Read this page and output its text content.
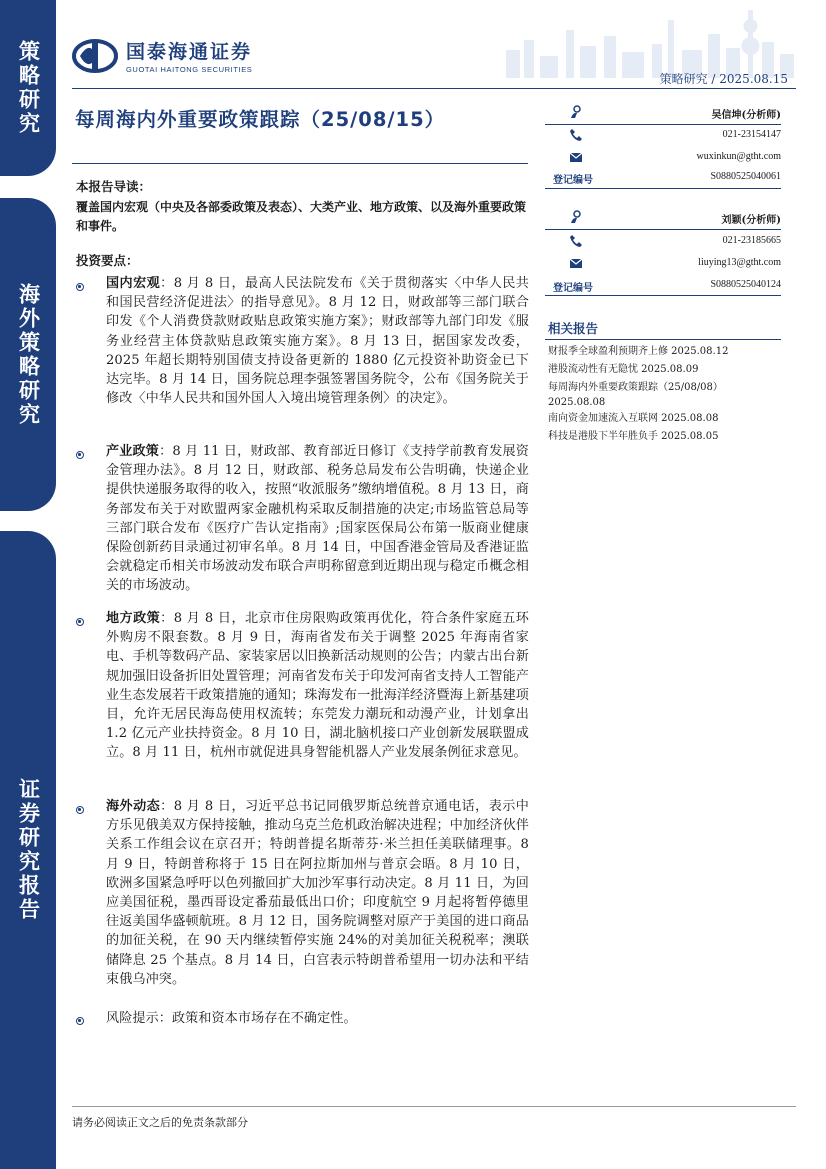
策略研究
海外策略研究
证券研究报告
国泰海通证券
GUOTAI HAITONG SECURITIES
策略研究 / 2025.08.15
每周海内外重要政策跟踪（25/08/15）
本报告导读：
覆盖国内宏观（中央及各部委政策及表态）、大类产业、地方政策、以及海外重要政策和事件。
投资要点：
国内宏观：8 月 8 日，最高人民法院发布《关于贯彻落实〈中华人民共和国民营经济促进法〉的指导意见》。8 月 12 日，财政部等三部门联合印发《个人消费贷款财政贴息政策实施方案》；财政部等九部门印发《服务业经营主体贷款贴息政策实施方案》。8 月 13 日，据国家发改委，2025 年超长期特别国债支持设备更新的 1880 亿元投资补助资金已下达完毕。8 月 14 日，国务院总理李强签署国务院令，公布《国务院关于修改〈中华人民共和国外国人入境出境管理条例〉的决定》。
产业政策：8 月 11 日，财政部、教育部近日修订《支持学前教育发展资金管理办法》。8 月 12 日，财政部、税务总局发布公告明确，快递企业提供快递服务取得的收入，按照“收派服务”缴纳增值税。8 月 13 日，商务部发布关于对欧盟两家金融机构采取反制措施的决定;市场监管总局等三部门联合发布《医疗广告认定指南》;国家医保局公布第一版商业健康保险创新药目录通过初审名单。8 月 14 日，中国香港金管局及香港证监会就稳定币相关市场波动发布联合声明称留意到近期出现与稳定币概念相关的市场波动。
地方政策：8 月 8 日，北京市住房限购政策再优化，符合条件家庭五环外购房不限套数。8 月 9 日，海南省发布关于调整 2025 年海南省家电、手机等数码产品、家装家居以旧换新活动规则的公告；内蒙古出台新规加强旧设备折旧处置管理；河南省发布关于印发河南省支持人工智能产业生态发展若干政策措施的通知；珠海发布一批海洋经济暨海上新基建项目，允许无居民海岛使用权流转；东莞发力潮玩和动漫产业，计划拿出 1.2 亿元产业扶持资金。8 月 10 日，湖北脑机接口产业创新发展联盟成立。8 月 11 日，杭州市就促进具身智能机器人产业发展条例征求意见。
海外动态：8 月 8 日，习近平总书记同俄罗斯总统普京通电话，表示中方乐见俄美双方保持接触，推动乌克兰危机政治解决进程；中加经济伙伴关系工作组会议在京召开；特朗普提名斯蒂芬·米兰担任美联储理事。8 月 9 日，特朗普称将于 15 日在阿拉斯加州与普京会晤。8 月 10 日，欧洲多国紧急呼吁以色列撤回扩大加沙军事行动决定。8 月 11 日，为回应美国征税，墨西哥设定番茄最低出口价；印度航空 9 月起将暂停德里往返美国华盛顿航班。8 月 12 日，国务院调整对原产于美国的进口商品的加征关税，在 90 天内继续暂停实施 24%的对美加征关税税率；澳联储降息 25 个基点。8 月 14 日，白宫表示特朗普希望用一切办法和平结束俄乌冲突。
风险提示：政策和资本市场存在不确定性。
吴信坤(分析师)
021-23154147
wuxinkun@gtht.com
登记编号	S0880525040061
刘颖(分析师)
021-23185665
liuying13@gtht.com
登记编号	S0880525040124
相关报告
财报季全球盈利预期齐上修 2025.08.12
港股流动性有无隐忧 2025.08.09
每周海内外重要政策跟踪（25/08/08）
2025.08.08
南向资金加速流入互联网 2025.08.08
科技是港股下半年胜负手 2025.08.05
请务必阅读正文之后的免责条款部分
